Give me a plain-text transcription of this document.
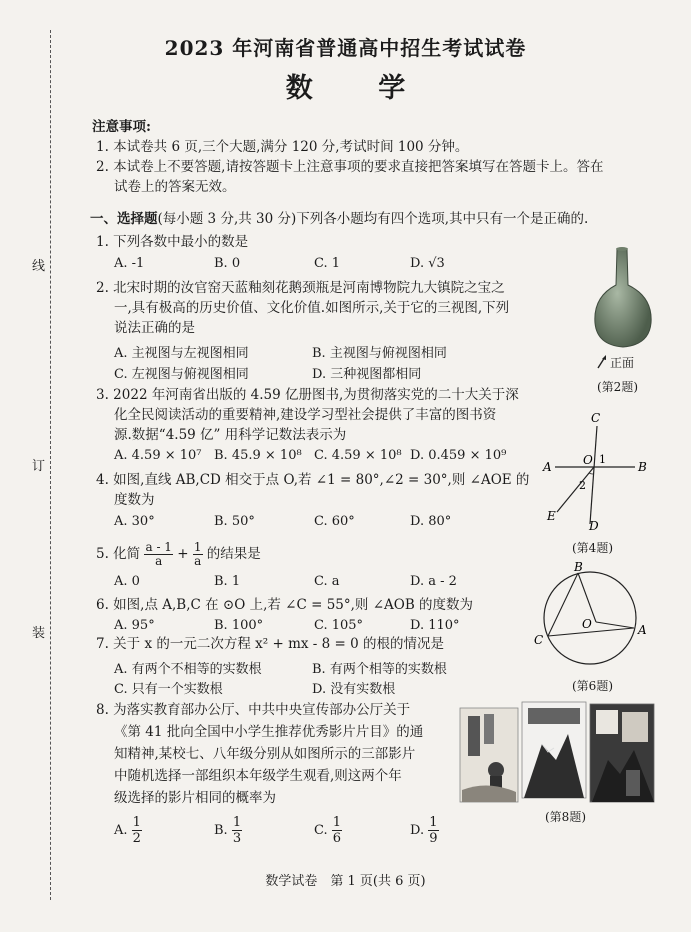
线
订
装
2023 年河南省普通高中招生考试试卷
数 学
注意事项:
1. 本试卷共 6 页,三个大题,满分 120 分,考试时间 100 分钟。
2. 本试卷上不要答题,请按答题卡上注意事项的要求直接把答案填写在答题卡上。答在
试卷上的答案无效。
一、选择题(每小题 3 分,共 30 分)下列各小题均有四个选项,其中只有一个是正确的.
1. 下列各数中最小的数是
A. -1	B. 0	C. 1	D. √3
2. 北宋时期的汝官窑天蓝釉刻花鹅颈瓶是河南博物院九大镇院之宝之
一,具有极高的历史价值、文化价值.如图所示,关于它的三视图,下列
说法正确的是
A. 主视图与左视图相同	B. 主视图与俯视图相同
C. 左视图与俯视图相同	D. 三种视图都相同
正面
(第2题)
3. 2022 年河南省出版的 4.59 亿册图书,为贯彻落实党的二十大关于深
化全民阅读活动的重要精神,建设学习型社会提供了丰富的图书资
源.数据“4.59 亿” 用科学记数法表示为
A. 4.59 × 10⁷ B. 45.9 × 10⁸ C. 4.59 × 10⁸ D. 0.459 × 10⁹
4. 如图,直线 AB,CD 相交于点 O,若 ∠1 = 80°,∠2 = 30°,则 ∠AOE 的
度数为
A. 30°	B. 50°	C. 60°	D. 80°
C
A	O 1
2
B
E
D
(第4题)
5. 化简 $\frac{a - 1}{a} + \frac{1}{a}$ 的结果是
A. 0	B. 1	C. a	D. a - 2
6. 如图,点 A,B,C 在 ⊙O 上,若 ∠C = 55°,则 ∠AOB 的度数为
A. 95°	B. 100°	C. 105°	D. 110°
B
O
C
A
(第6题)
7. 关于 x 的一元二次方程 x² + mx - 8 = 0 的根的情况是
A. 有两个不相等的实数根	B. 有两个相等的实数根
C. 只有一个实数根	D. 没有实数根
8. 为落实教育部办公厅、中共中央宣传部办公厅关于
《第 41 批向全国中小学生推荐优秀影片片目》的通
知精神,某校七、八年级分别从如图所示的三部影片
中随机选择一部组织本年级学生观看,则这两个年
级选择的影片相同的概率为
A. $\frac{1}{2}$	B. $\frac{1}{3}$	C. $\frac{1}{6}$	D. $\frac{1}{9}$	(第8题)
数学试卷　第 1 页(共 6 页)
